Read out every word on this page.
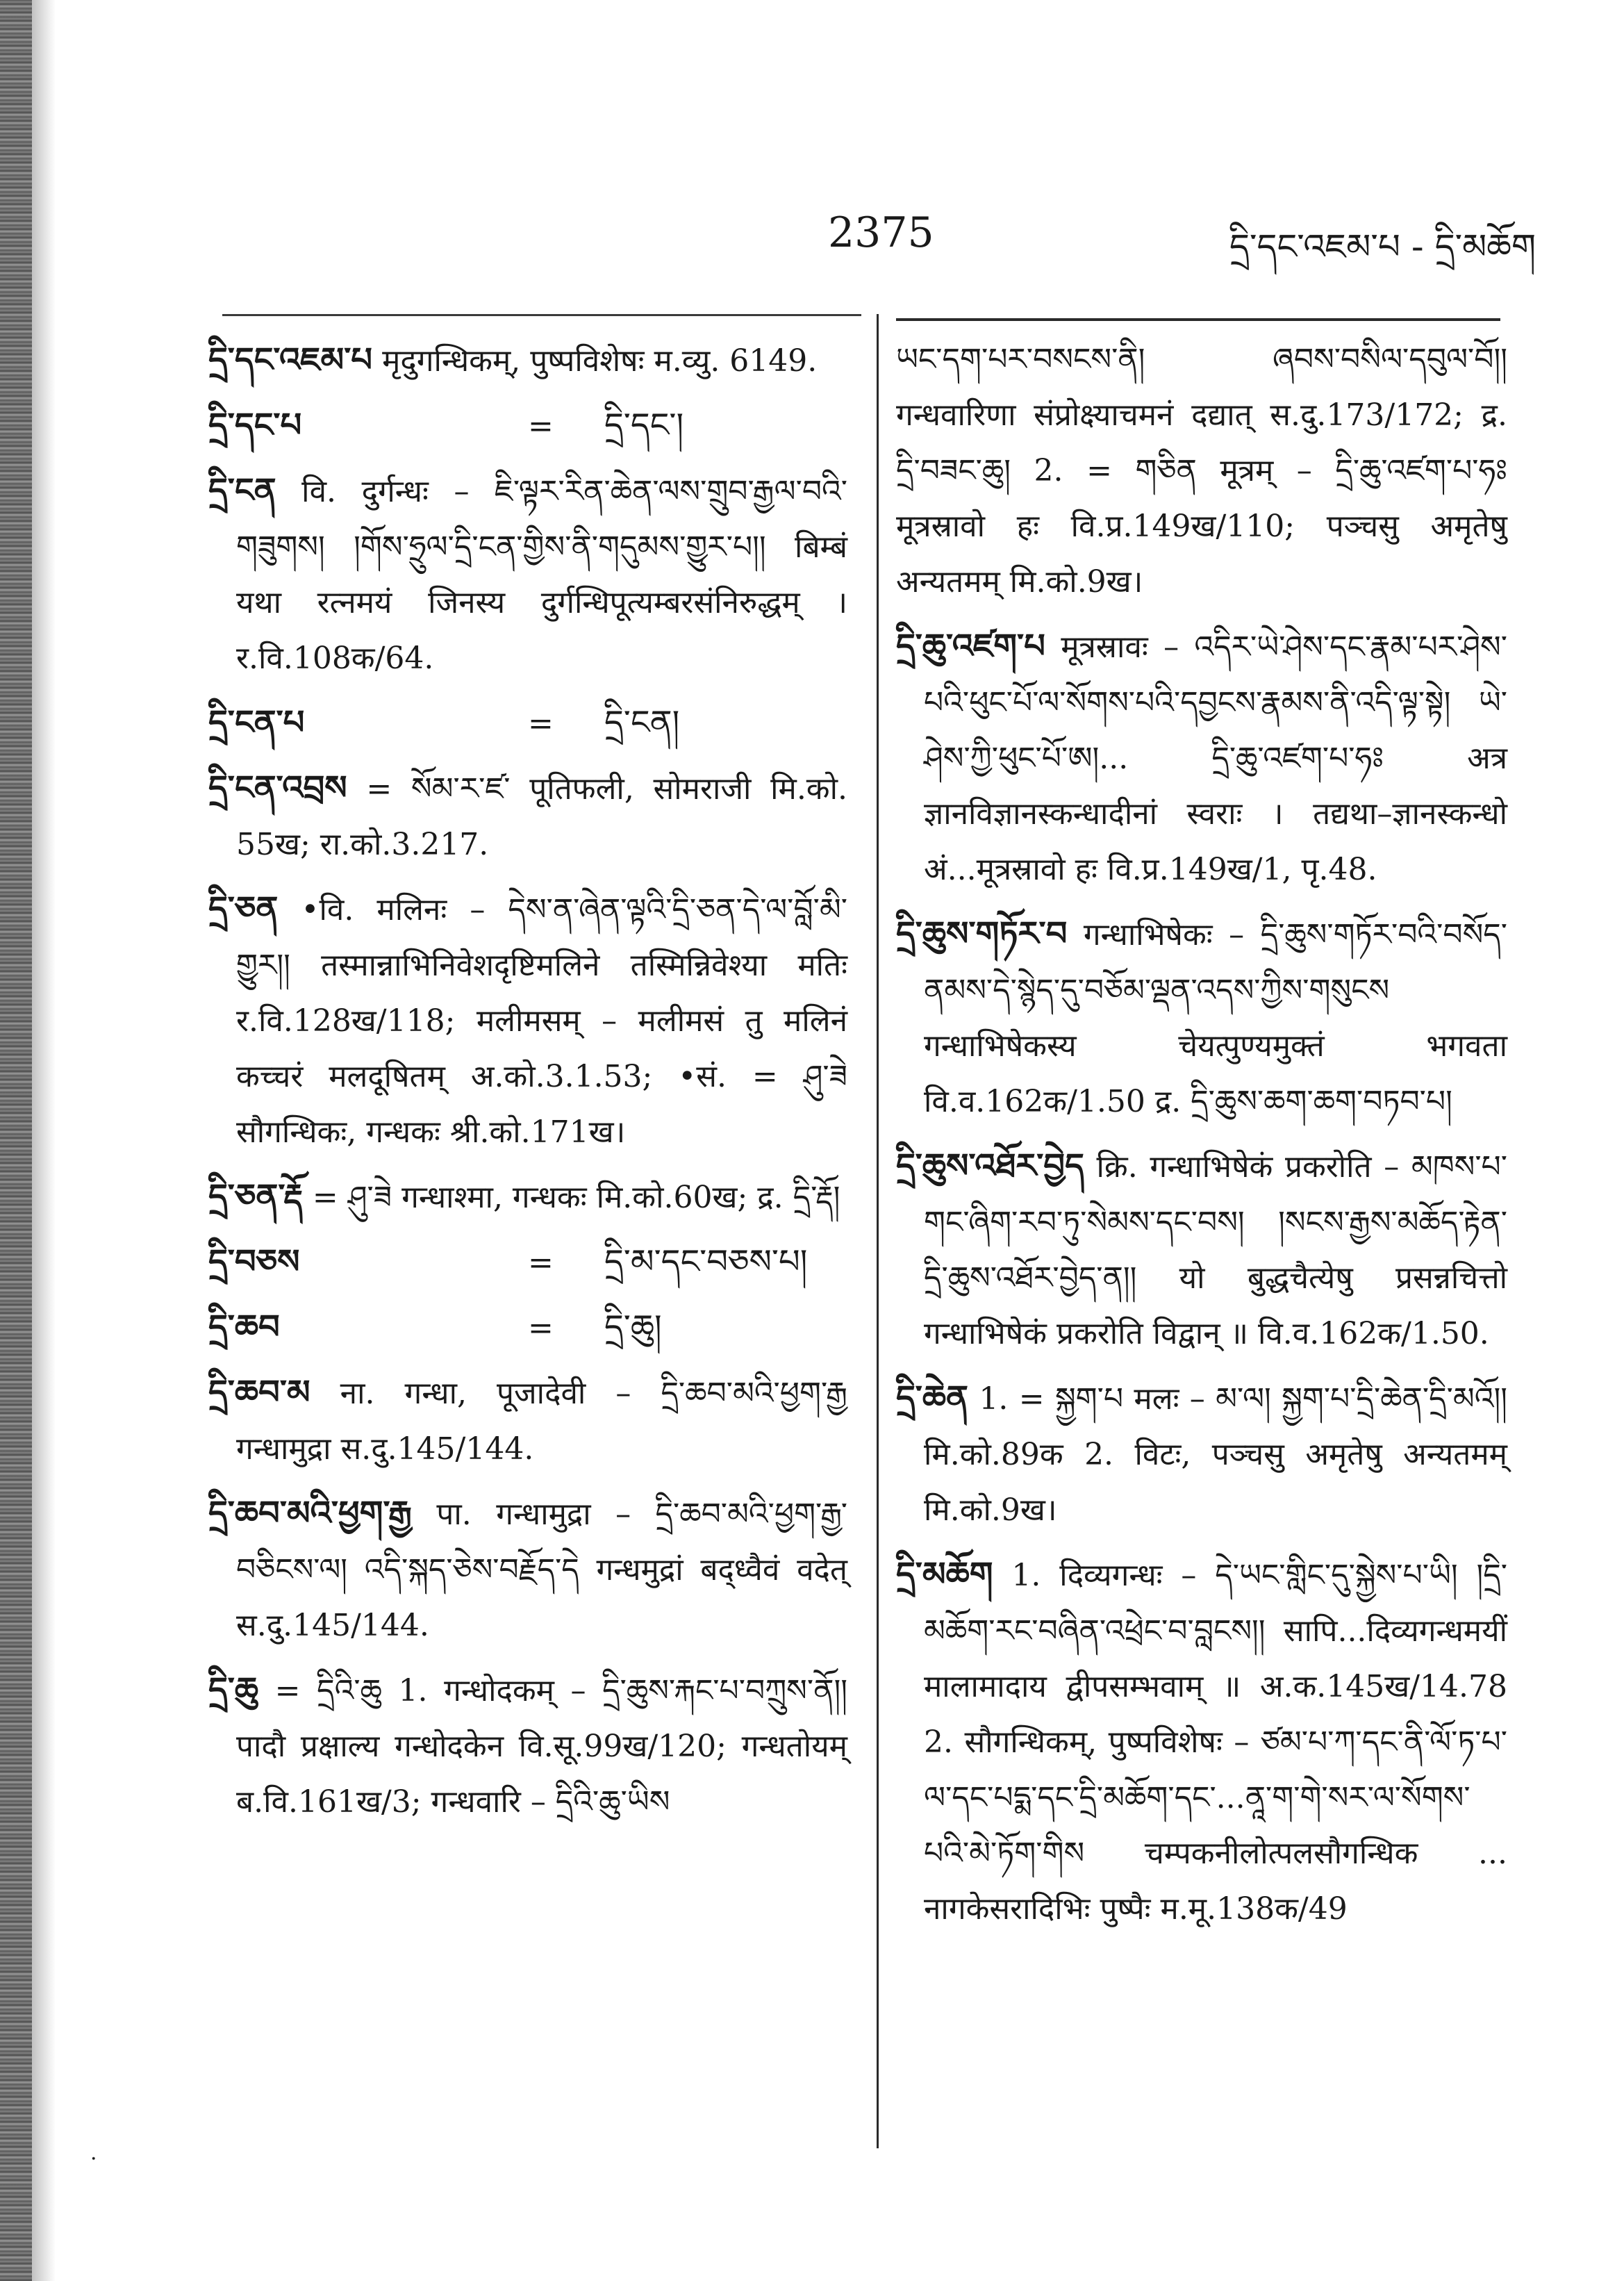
2375	དྲི་དང་འཇམ་པ - དྲི་མཆོག
དྲི་དང་འཇམ་པ मृदुगन्धिकम्, पुष्पविशेषः म.व्यु. 6149.
དྲི་དང་པ	=	དྲི་དང་།
དྲི་ངན वि. दुर्गन्धः – ཇི་ལྟར་རིན་ཆེན་ལས་གྲུབ་རྒྱལ་བའི་གཟུགས། །གོས་ཧྲུལ་དྲི་ངན་གྱིས་ནི་གདུམས་གྱུར་པ།། बिम्बं यथा रत्नमयं जिनस्य दुर्गन्धिपूत्यम्बरसंनिरुद्धम् । र.वि.108क/64.
དྲི་ངན་པ	=	དྲི་ངན།
དྲི་ངན་འབྲས = སོམ་ར་ཛ་ पूतिफली, सोमराजी मि.को. 55ख; रा.को.3.217.
དྲི་ཅན •वि. मलिनः – དེས་ན་ཞེན་ལྟའི་དྲི་ཅན་དེ་ལ་བློ་མི་གྱུར།། तस्मान्नाभिनिवेशदृष्टिमलिने तस्मिन्निवेश्या मतिः र.वि.128ख/118; मलीमसम् – मलीमसं तु मलिनं कच्चरं मलदूषितम् अ.को.3.1.53; •सं. = ཤུ་ཟེ सौगन्धिकः, गन्धकः श्री.को.171ख।
དྲི་ཅན་རྡོ = ཤུ་ཟེ गन्धाश्मा, गन्धकः मि.को.60ख; द्र. དྲི་རྡོ།
དྲི་བཅས	=	དྲི་མ་དང་བཅས་པ།
དྲི་ཆབ	=	དྲི་ཆུ།
དྲི་ཆབ་མ ना. गन्धा, पूजादेवी – དྲི་ཆབ་མའི་ཕྱག་རྒྱ गन्धामुद्रा स.दु.145/144.
དྲི་ཆབ་མའི་ཕྱག་རྒྱ पा. गन्धामुद्रा – དྲི་ཆབ་མའི་ཕྱག་རྒྱ་བཅིངས་ལ། འདི་སྐད་ཅེས་བརྗོད་དེ गन्धमुद्रां बद्ध्वैवं वदेत् स.दु.145/144.
དྲི་ཆུ = དྲིའི་ཆུ 1. गन्धोदकम् – དྲི་ཆུས་རྐང་པ་བཀྲུས་ནོ།། पादौ प्रक्षाल्य गन्धोदकेन वि.सू.99ख/120; गन्धतोयम् ब.वि.161ख/3; गन्धवारि – དྲིའི་ཆུ་ཡིས
ཡང་དག་པར་བསངས་ནི། ཞབས་བསིལ་དབུལ་བོ།། गन्धवारिणा संप्रोक्ष्याचमनं दद्यात् स.दु.173/172; द्र. དྲི་བཟང་ཆུ། 2. = གཅིན मूत्रम् – དྲི་ཆུ་འཛག་པ་ཧཿ मूत्रस्रावो हः वि.प्र.149ख/110; पञ्चसु अमृतेषु अन्यतमम् मि.को.9ख।
དྲི་ཆུ་འཛག་པ मूत्रस्रावः – འདིར་ཡེ་ཤེས་དང་རྣམ་པར་ཤེས་པའི་ཕུང་པོ་ལ་སོགས་པའི་དབྱངས་རྣམས་ནི་འདི་ལྟ་སྟེ། ཡེ་ཤེས་ཀྱི་ཕུང་པོ་ཨ།... དྲི་ཆུ་འཛག་པ་ཧཿ अत्र ज्ञानविज्ञानस्कन्धादीनां स्वराः । तद्यथा–ज्ञानस्कन्धो अं...मूत्रस्रावो हः वि.प्र.149ख/1, पृ.48.
དྲི་ཆུས་གཏོར་བ गन्धाभिषेकः – དྲི་ཆུས་གཏོར་བའི་བསོད་ནམས་དེ་སྙེད་དུ་བཅོམ་ལྡན་འདས་ཀྱིས་གསུངས गन्धाभिषेकस्य चेयत्पुण्यमुक्तं भगवता वि.व.162क/1.50 द्र. དྲི་ཆུས་ཆག་ཆག་བཏབ་པ།
དྲི་ཆུས་འཐོར་བྱེད क्रि. गन्धाभिषेकं प्रकरोति – མཁས་པ་གང་ཞིག་རབ་ཏུ་སེམས་དང་བས། །སངས་རྒྱས་མཆོད་རྟེན་དྲི་ཆུས་འཐོར་བྱེད་ན།། यो बुद्धचैत्येषु प्रसन्नचित्तो गन्धाभिषेकं प्रकरोति विद्वान् ॥ वि.व.162क/1.50.
དྲི་ཆེན 1. = སྐྱག་པ मलः – མ་ལ། སྐྱག་པ་དྲི་ཆེན་དྲི་མའོ།། मि.को.89क 2. विटः, पञ्चसु अमृतेषु अन्यतमम् मि.को.9ख।
དྲི་མཆོག 1. दिव्यगन्धः – དེ་ཡང་གླིང་དུ་སྐྱེས་པ་ཡི། །དྲི་མཆོག་རང་བཞིན་འཕྲེང་བ་བླངས།། सापि...दिव्यगन्धमयीं मालामादाय द्वीपसम्भवाम् ॥ अ.क.145ख/14.78 2. सौगन्धिकम्, पुष्पविशेषः – ཙམ་པ་ཀ་དང་ནི་ལོ་ཏ་པ་ལ་དང་པདྨ་དང་དྲི་མཆོག་དང་...ནཱ་ག་གེ་སར་ལ་སོགས་པའི་མེ་ཏོག་གིས चम्पकनीलोत्पलसौगन्धिक ... नागकेसरादिभिः पुष्पैः म.मू.138क/49
·
